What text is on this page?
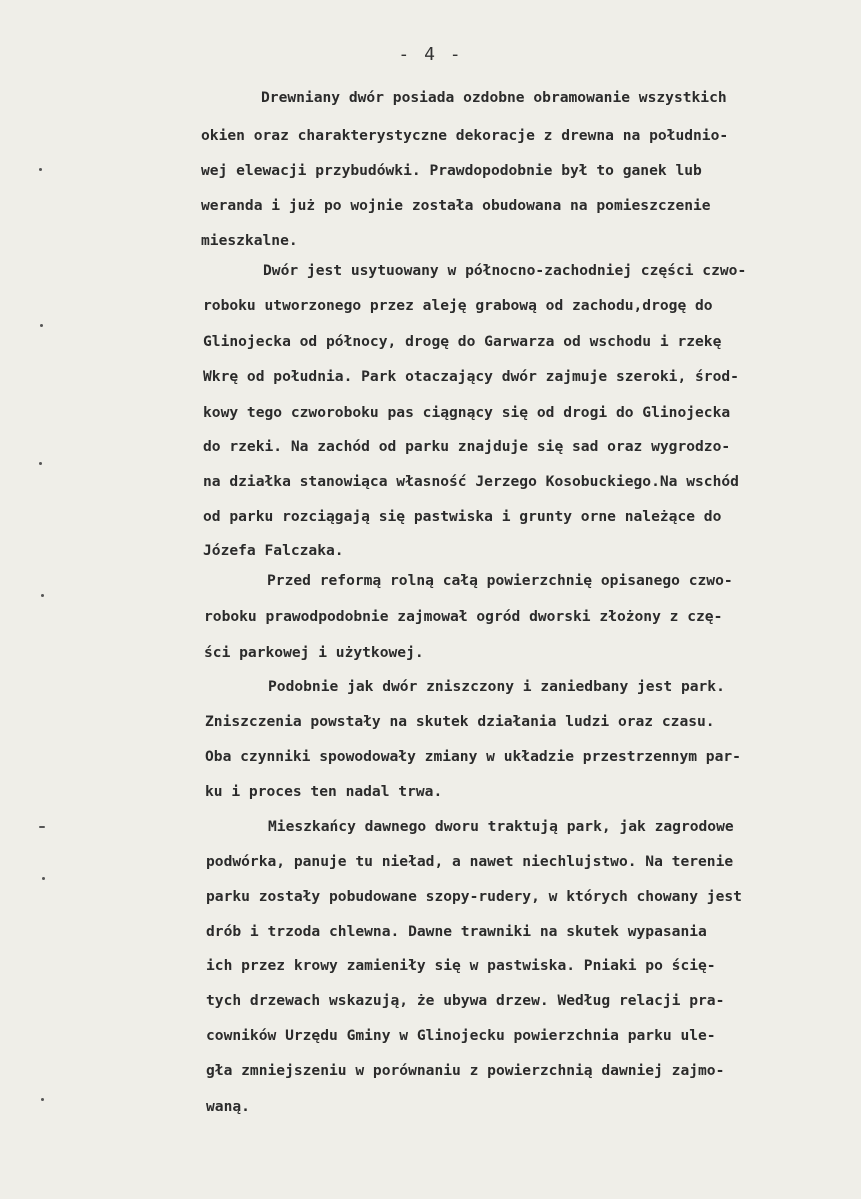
- 4 -
Drewniany dwór posiada ozdobne obramowanie wszystkich
okien oraz charakterystyczne dekoracje z drewna na południo-
wej elewacji przybudówki. Prawdopodobnie był to ganek lub
weranda i już po wojnie została obudowana na pomieszczenie
mieszkalne.
Dwór jest usytuowany w północno-zachodniej części czwo-
roboku utworzonego przez aleję grabową od zachodu,drogę do
Glinojecka od północy, drogę do Garwarza od wschodu i rzekę
Wkrę od południa. Park otaczający dwór zajmuje szeroki, środ-
kowy tego czworoboku pas ciągnący się od drogi do Glinojecka
do rzeki. Na zachód od parku znajduje się sad oraz wygrodzo-
na działka stanowiąca własność Jerzego Kosobuckiego.Na wschód
od parku rozciągają się pastwiska i grunty orne należące do
Józefa Falczaka.
Przed reformą rolną całą powierzchnię opisanego czwo-
roboku prawodpodobnie zajmował ogród dworski złożony z czę-
ści parkowej i użytkowej.
Podobnie jak dwór zniszczony i zaniedbany jest park.
Zniszczenia powstały na skutek działania ludzi oraz czasu.
Oba czynniki spowodowały zmiany w układzie przestrzennym par-
ku i proces ten nadal trwa.
Mieszkańcy dawnego dworu traktują park, jak zagrodowe
podwórka, panuje tu nieład, a nawet niechlujstwo. Na terenie
parku zostały pobudowane szopy-rudery, w których chowany jest
drób i trzoda chlewna. Dawne trawniki na skutek wypasania
ich przez krowy zamieniły się w pastwiska. Pniaki po ścię-
tych drzewach wskazują, że ubywa drzew. Według relacji pra-
cowników Urzędu Gminy w Glinojecku powierzchnia parku ule-
gła zmniejszeniu w porównaniu z powierzchnią dawniej zajmo-
waną.
